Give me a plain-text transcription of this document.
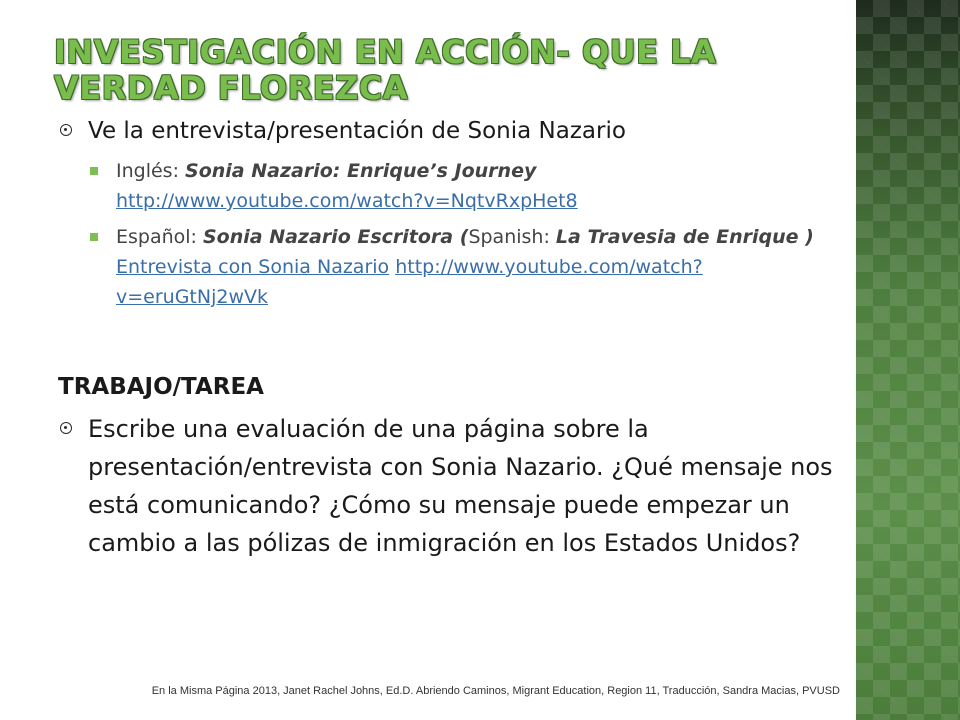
INVESTIGACIÓN EN ACCIÓN- QUE LA VERDAD FLOREZCA
Ve la entrevista/presentación de Sonia Nazario
Inglés: Sonia Nazario: Enrique’s Journey http://www.youtube.com/watch?v=NqtvRxpHet8
Español: Sonia Nazario Escritora (Spanish: La Travesia de Enrique ) Entrevista con Sonia Nazario http://www.youtube.com/watch?v=eruGtNj2wVk
TRABAJO/TAREA
Escribe una evaluación de una página sobre la presentación/entrevista con Sonia Nazario. ¿Qué mensaje nos está comunicando? ¿Cómo su mensaje puede empezar un cambio a las pólizas de inmigración en los Estados Unidos?
En la Misma Página 2013, Janet Rachel Johns, Ed.D. Abriendo Caminos, Migrant Education, Region 11, Traducción, Sandra Macias, PVUSD
